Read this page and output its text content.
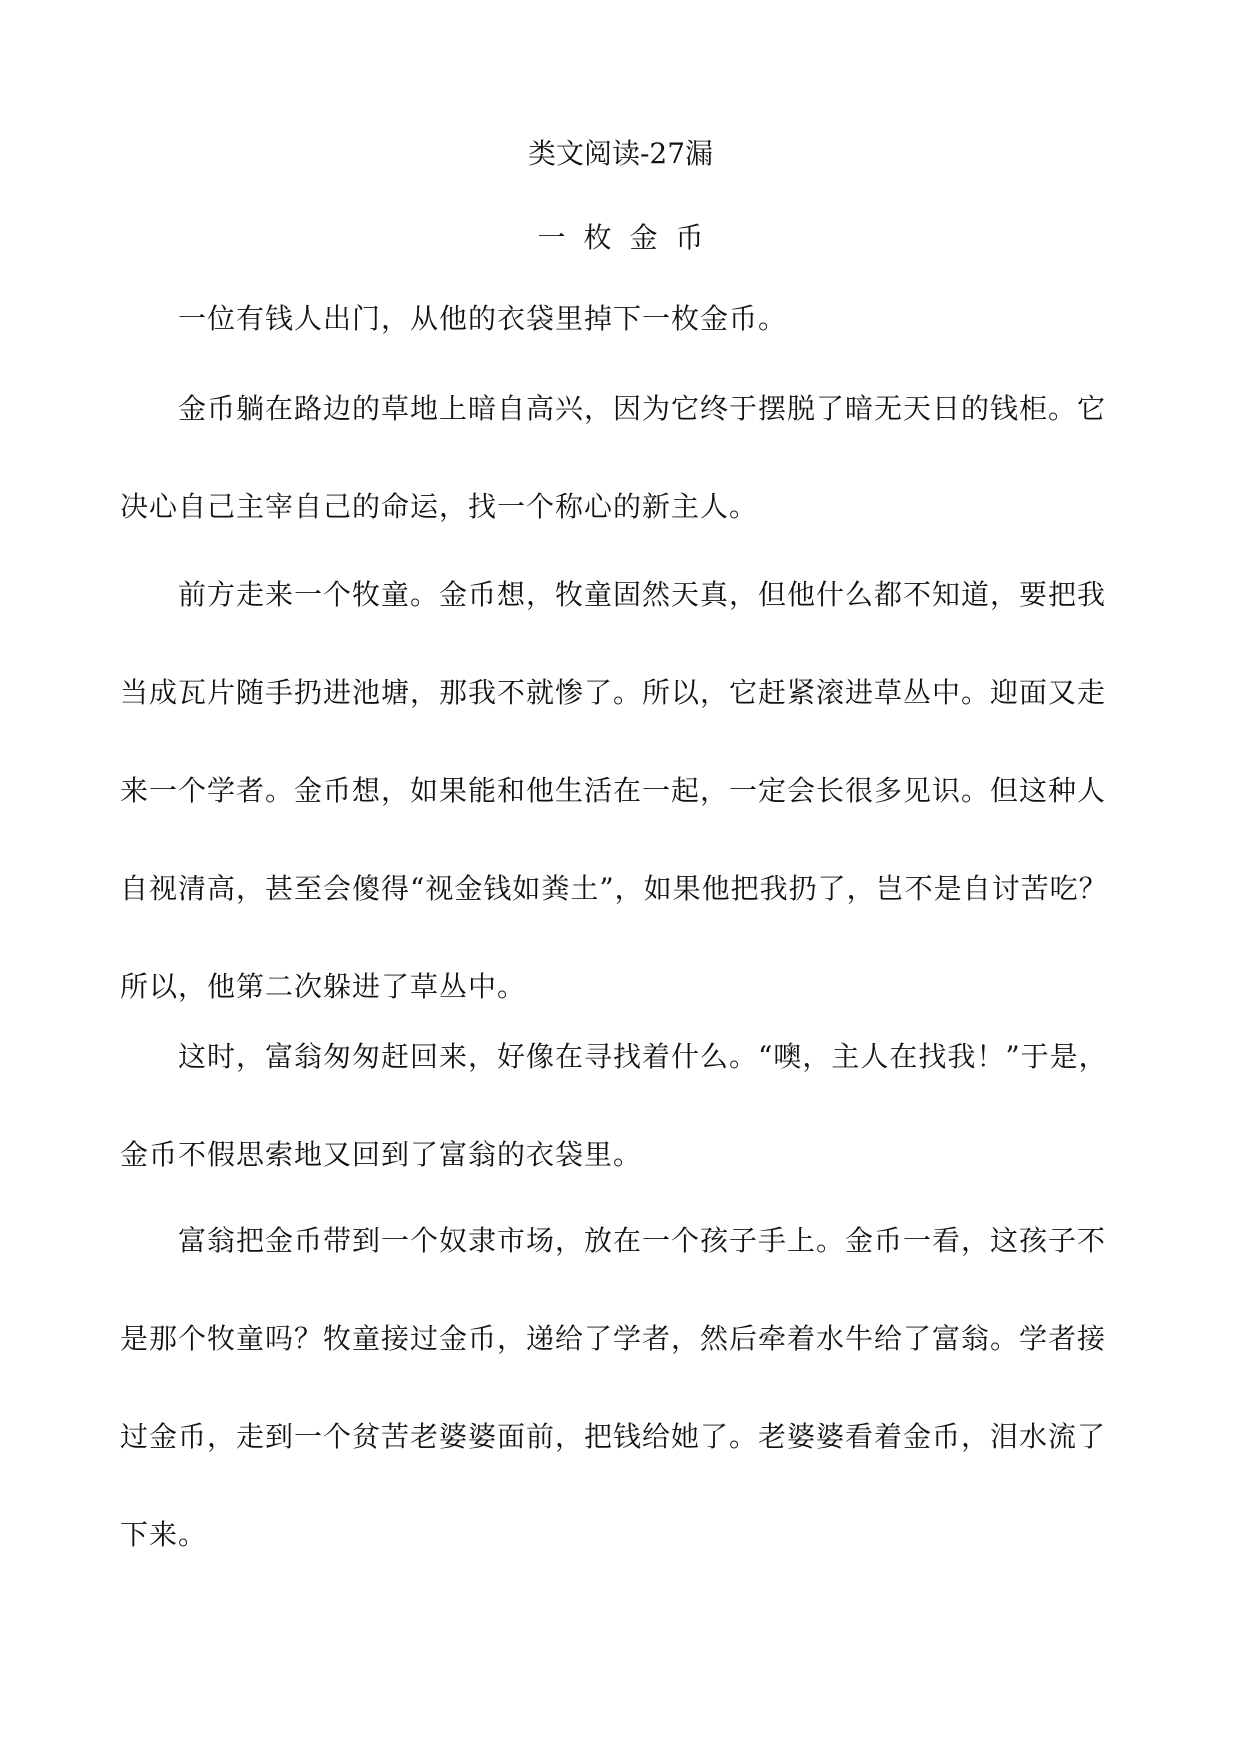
类文阅读-27漏
一枚金币

一位有钱人出门，从他的衣袋里掉下一枚金币。

金币躺在路边的草地上暗自高兴，因为它终于摆脱了暗无天日的钱柜。它决心自己主宰自己的命运，找一个称心的新主人。

前方走来一个牧童。金币想，牧童固然天真，但他什么都不知道，要把我当成瓦片随手扔进池塘，那我不就惨了。所以，它赶紧滚进草丛中。迎面又走来一个学者。金币想，如果能和他生活在一起，一定会长很多见识。但这种人自视清高，甚至会傻得“视金钱如粪土”，如果他把我扔了，岂不是自讨苦吃？所以，他第二次躲进了草丛中。

这时，富翁匆匆赶回来，好像在寻找着什么。“噢，主人在找我！”于是，金币不假思索地又回到了富翁的衣袋里。

富翁把金币带到一个奴隶市场，放在一个孩子手上。金币一看，这孩子不是那个牧童吗？牧童接过金币，递给了学者，然后牵着水牛给了富翁。学者接过金币，走到一个贫苦老婆婆面前，把钱给她了。老婆婆看着金币，泪水流了下来。
